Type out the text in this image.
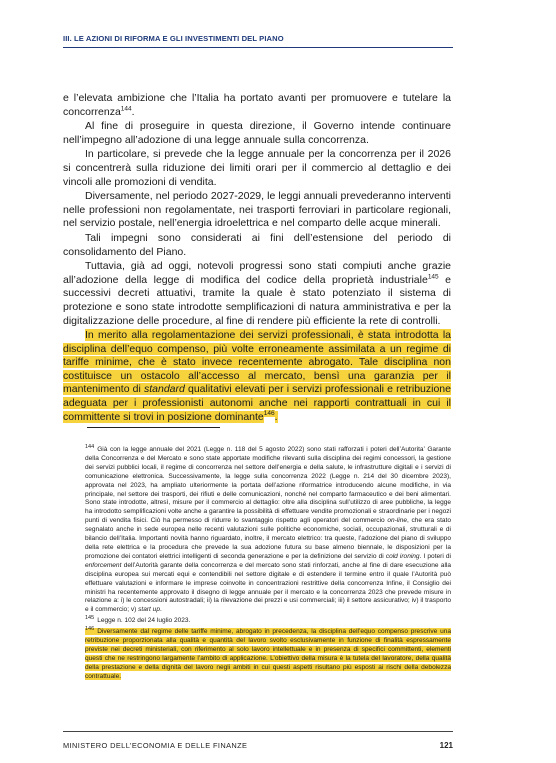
III. LE AZIONI DI RIFORMA E GLI INVESTIMENTI DEL PIANO

e l’elevata ambizione che l’Italia ha portato avanti per promuovere e tutelare la concorrenza$^{144}$.

Al fine di proseguire in questa direzione, il Governo intende continuare nell’impegno all’adozione di una legge annuale sulla concorrenza.

In particolare, si prevede che la legge annuale per la concorrenza per il 2026 si concentrerà sulla riduzione dei limiti orari per il commercio al dettaglio e dei vincoli alle promozioni di vendita.

Diversamente, nel periodo 2027-2029, le leggi annuali prevederanno interventi nelle professioni non regolamentate, nei trasporti ferroviari in particolare regionali, nel servizio postale, nell’energia idroelettrica e nel comparto delle acque minerali.

Tali impegni sono considerati ai fini dell’estensione del periodo di consolidamento del Piano.

Tuttavia, già ad oggi, notevoli progressi sono stati compiuti anche grazie all’adozione della legge di modifica del codice della proprietà industriale$^{145}$ e successivi decreti attuativi, tramite la quale è stato potenziato il sistema di protezione e sono state introdotte semplificazioni di natura amministrativa e per la digitalizzazione delle procedure, al fine di rendere più efficiente la rete di controlli.

In merito alla regolamentazione dei servizi professionali, è stata introdotta la disciplina dell’equo compenso, più volte erroneamente assimilata a un regime di tariffe minime, che è stato invece recentemente abrogato. Tale disciplina non costituisce un ostacolo all’accesso al mercato, bensì una garanzia per il mantenimento di standard qualitativi elevati per i servizi professionali e retribuzione adeguata per i professionisti autonomi anche nei rapporti contrattuali in cui il committente si trovi in posizione dominante$^{146}$.

$^{144}$ Già con la legge annuale del 2021 (Legge n. 118 del 5 agosto 2022) sono stati rafforzati i poteri dell’Autorita’ Garante della Concorrenza e del Mercato e sono state apportate modifiche rilevanti sulla disciplina dei regimi concessori, la gestione dei servizi pubblici locali, il regime di concorrenza nel settore dell’energia e della salute, le infrastrutture digitali e i servizi di comunicazione elettronica. Successivamente, la legge sulla concorrenza 2022 (Legge n. 214 del 30 dicembre 2023), approvata nel 2023, ha ampliato ulteriormente la portata dell’azione riformatrice introducendo alcune modifiche, in via principale, nel settore dei trasporti, dei rifiuti e delle comunicazioni, nonché nel comparto farmaceutico e dei beni alimentari. Sono state introdotte, altresì, misure per il commercio al dettaglio: oltre alla disciplina sull’utilizzo di aree pubbliche, la legge ha introdotto semplificazioni volte anche a garantire la possibilità di effettuare vendite promozionali e straordinarie per i negozi punti di vendita fisici. Ciò ha permesso di ridurre lo svantaggio rispetto agli operatori del commercio on-line, che era stato segnalato anche in sede europea nelle recenti valutazioni sulle politiche economiche, sociali, occupazionali, strutturali e di bilancio dell’Italia. Importanti novità hanno riguardato, inoltre, il mercato elettrico: tra queste, l’adozione del piano di sviluppo della rete elettrica e la procedura che prevede la sua adozione futura su base almeno biennale, le disposizioni per la promozione dei contatori elettrici intelligenti di seconda generazione e per la definizione del servizio di cold ironing. I poteri di enforcement dell’Autorità garante della concorrenza e del mercato sono stati rinforzati, anche al fine di dare esecuzione alla disciplina europea sui mercati equi e contendibili nel settore digitale e di estendere il termine entro il quale l’Autorità può effettuare valutazioni e informare le imprese coinvolte in concentrazioni restrittive della concorrenza Infine, il Consiglio dei ministri ha recentemente approvato il disegno di legge annuale per il mercato e la concorrenza 2023 che prevede misure in relazione a: i) le concessioni autostradali; ii) la rilevazione dei prezzi e usi commerciali; iii) il settore assicurativo; iv) il trasporto e il commercio; v) start up.

$^{145}$ Legge n. 102 del 24 luglio 2023.

$^{146}$ Diversamente dal regime delle tariffe minime, abrogato in precedenza, la disciplina dell’equo compenso prescrive una retribuzione proporzionata alla qualità e quantità del lavoro svolto esclusivamente in funzione di finalità espressamente previste nei decreti ministeriali, con riferimento al solo lavoro intellettuale e in presenza di specifici committenti, elementi questi che ne restringono largamente l’ambito di applicazione. L’obiettivo della misura è la tutela del lavoratore, della qualità della prestazione e della dignità del lavoro negli ambiti in cui questi aspetti risultano più esposti ai rischi della debolezza contrattuale.

MINISTERO DELL’ECONOMIA E DELLE FINANZE	121
